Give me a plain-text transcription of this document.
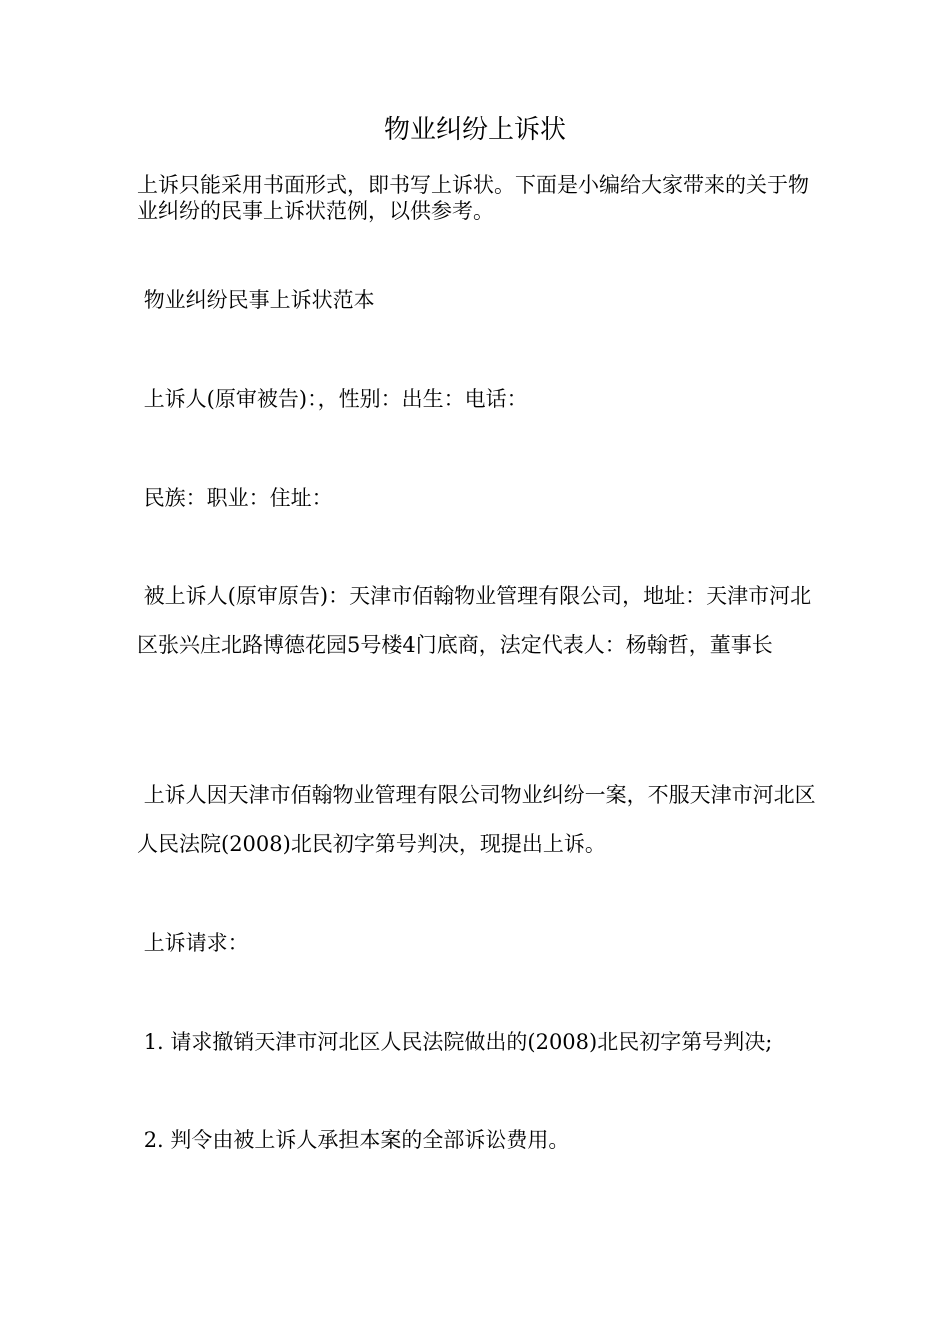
物业纠纷上诉状

上诉只能采用书面形式，即书写上诉状。下面是小编给大家带来的关于物业纠纷的民事上诉状范例，以供参考。

物业纠纷民事上诉状范本

上诉人(原审被告)：，性别：出生：电话：

民族：职业：住址：

被上诉人(原审原告)：天津市佰翰物业管理有限公司，地址：天津市河北区张兴庄北路博德花园5号楼4门底商，法定代表人：杨翰哲，董事长

上诉人因天津市佰翰物业管理有限公司物业纠纷一案，不服天津市河北区人民法院(2008)北民初字第号判决，现提出上诉。

上诉请求：

1. 请求撤销天津市河北区人民法院做出的(2008)北民初字第号判决;

2. 判令由被上诉人承担本案的全部诉讼费用。
